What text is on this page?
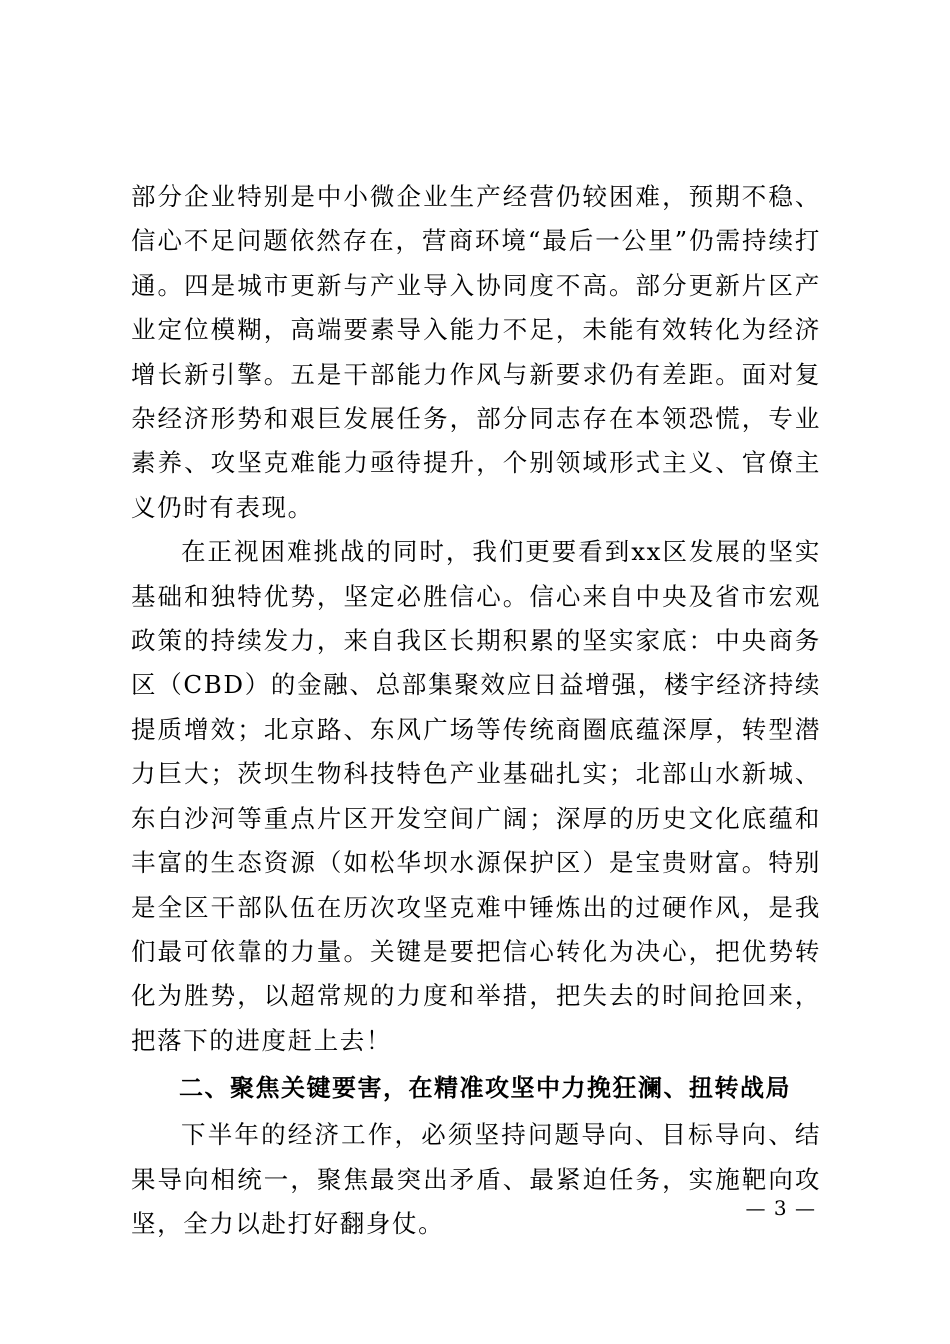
部分企业特别是中小微企业生产经营仍较困难，预期不稳、信心不足问题依然存在，营商环境“最后一公里”仍需持续打通。四是城市更新与产业导入协同度不高。部分更新片区产业定位模糊，高端要素导入能力不足，未能有效转化为经济增长新引擎。五是干部能力作风与新要求仍有差距。面对复杂经济形势和艰巨发展任务，部分同志存在本领恐慌，专业素养、攻坚克难能力亟待提升，个别领域形式主义、官僚主义仍时有表现。

在正视困难挑战的同时，我们更要看到xx区发展的坚实基础和独特优势，坚定必胜信心。信心来自中央及省市宏观政策的持续发力，来自我区长期积累的坚实家底：中央商务区（CBD）的金融、总部集聚效应日益增强，楼宇经济持续提质增效；北京路、东风广场等传统商圈底蕴深厚，转型潜力巨大；茨坝生物科技特色产业基础扎实；北部山水新城、东白沙河等重点片区开发空间广阔；深厚的历史文化底蕴和丰富的生态资源（如松华坝水源保护区）是宝贵财富。特别是全区干部队伍在历次攻坚克难中锤炼出的过硬作风，是我们最可依靠的力量。关键是要把信心转化为决心，把优势转化为胜势，以超常规的力度和举措，把失去的时间抢回来，把落下的进度赶上去！

二、聚焦关键要害，在精准攻坚中力挽狂澜、扭转战局

下半年的经济工作，必须坚持问题导向、目标导向、结果导向相统一，聚焦最突出矛盾、最紧迫任务，实施靶向攻坚，全力以赴打好翻身仗。

— 3 —
